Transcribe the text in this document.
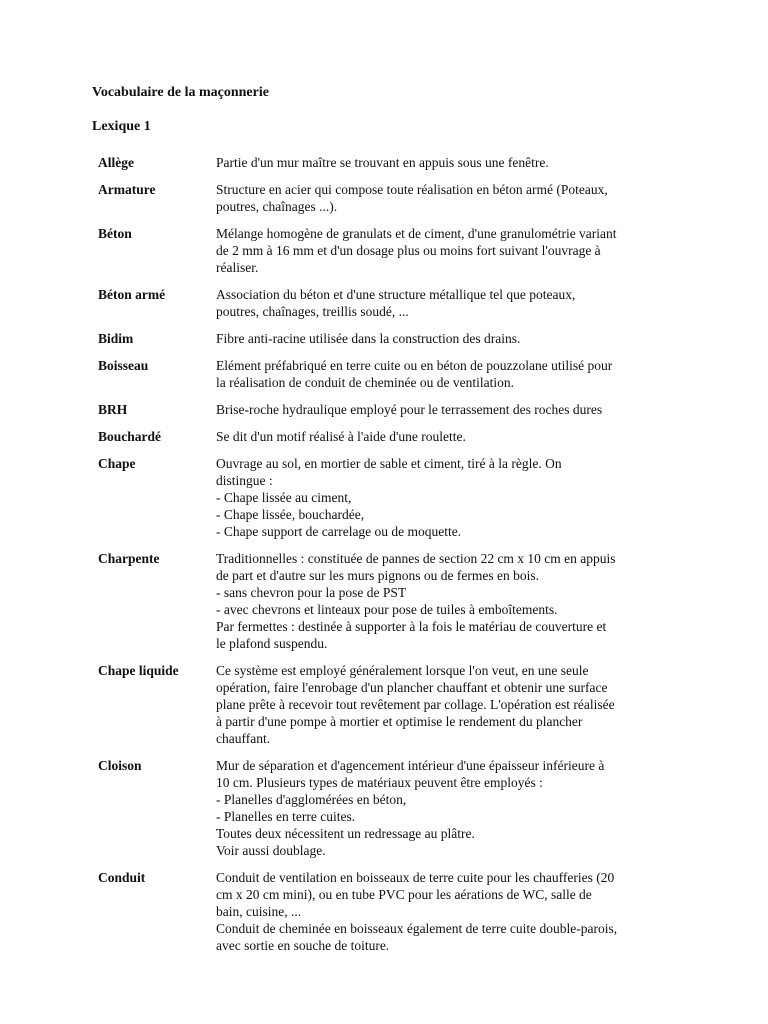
Vocabulaire de la maçonnerie
Lexique 1
Allège	Partie d'un mur maître se trouvant en appuis sous une fenêtre.
Armature	Structure en acier qui compose toute réalisation en béton armé (Poteaux,
poutres, chaînages ...).
Béton	Mélange homogène de granulats et de ciment, d'une granulométrie variant
de 2 mm à 16 mm et d'un dosage plus ou moins fort suivant l'ouvrage à
réaliser.
Béton armé	Association du béton et d'une structure métallique tel que poteaux,
poutres, chaînages, treillis soudé, ...
Bidim	Fibre anti-racine utilisée dans la construction des drains.
Boisseau	Elément préfabriqué en terre cuite ou en béton de pouzzolane utilisé pour
la réalisation de conduit de cheminée ou de ventilation.
BRH	Brise-roche hydraulique employé pour le terrassement des roches dures
Bouchardé	Se dit d'un motif réalisé à l'aide d'une roulette.
Chape	Ouvrage au sol, en mortier de sable et ciment, tiré à la règle. On
distingue :
- Chape lissée au ciment,
- Chape lissée, bouchardée,
- Chape support de carrelage ou de moquette.
Charpente	Traditionnelles : constituée de pannes de section 22 cm x 10 cm en appuis
de part et d'autre sur les murs pignons ou de fermes en bois.
- sans chevron pour la pose de PST
- avec chevrons et linteaux pour pose de tuiles à emboîtements.
Par fermettes : destinée à supporter à la fois le matériau de couverture et
le plafond suspendu.
Chape liquide	Ce système est employé généralement lorsque l'on veut, en une seule
opération, faire l'enrobage d'un plancher chauffant et obtenir une surface
plane prête à recevoir tout revêtement par collage. L'opération est réalisée
à partir d'une pompe à mortier et optimise le rendement du plancher
chauffant.
Cloison	Mur de séparation et d'agencement intérieur d'une épaisseur inférieure à
10 cm. Plusieurs types de matériaux peuvent être employés :
- Planelles d'agglomérées en béton,
- Planelles en terre cuites.
Toutes deux nécessitent un redressage au plâtre.
Voir aussi doublage.
Conduit	Conduit de ventilation en boisseaux de terre cuite pour les chaufferies (20
cm x 20 cm mini), ou en tube PVC pour les aérations de WC, salle de
bain, cuisine, ...
Conduit de cheminée en boisseaux également de terre cuite double-parois,
avec sortie en souche de toiture.
